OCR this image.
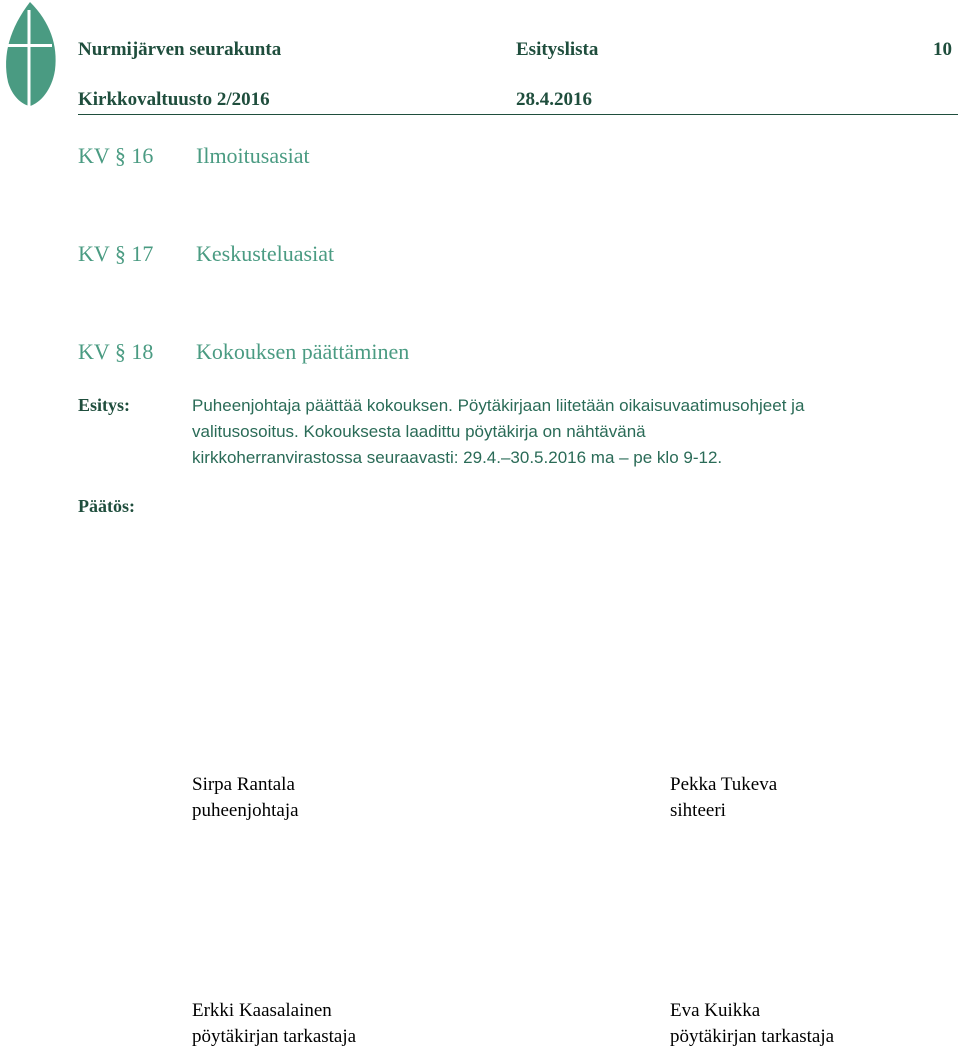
Nurmijärven seurakunta	Esityslista	10
Kirkkovaltuusto 2/2016	28.4.2016
KV § 16 Ilmoitusasiat
KV § 17 Keskusteluasiat
KV § 18 Kokouksen päättäminen
Esitys:	Puheenjohtaja päättää kokouksen. Pöytäkirjaan liitetään oikaisuvaatimusohjeet ja
valitusosoitus. Kokouksesta laadittu pöytäkirja on nähtävänä
kirkkoherranvirastossa seuraavasti: 29.4.–30.5.2016 ma – pe klo 9-12.
Päätös:
Sirpa Rantala
puheenjohtaja
Pekka Tukeva
sihteeri
Erkki Kaasalainen
pöytäkirjan tarkastaja
Eva Kuikka
pöytäkirjan tarkastaja
